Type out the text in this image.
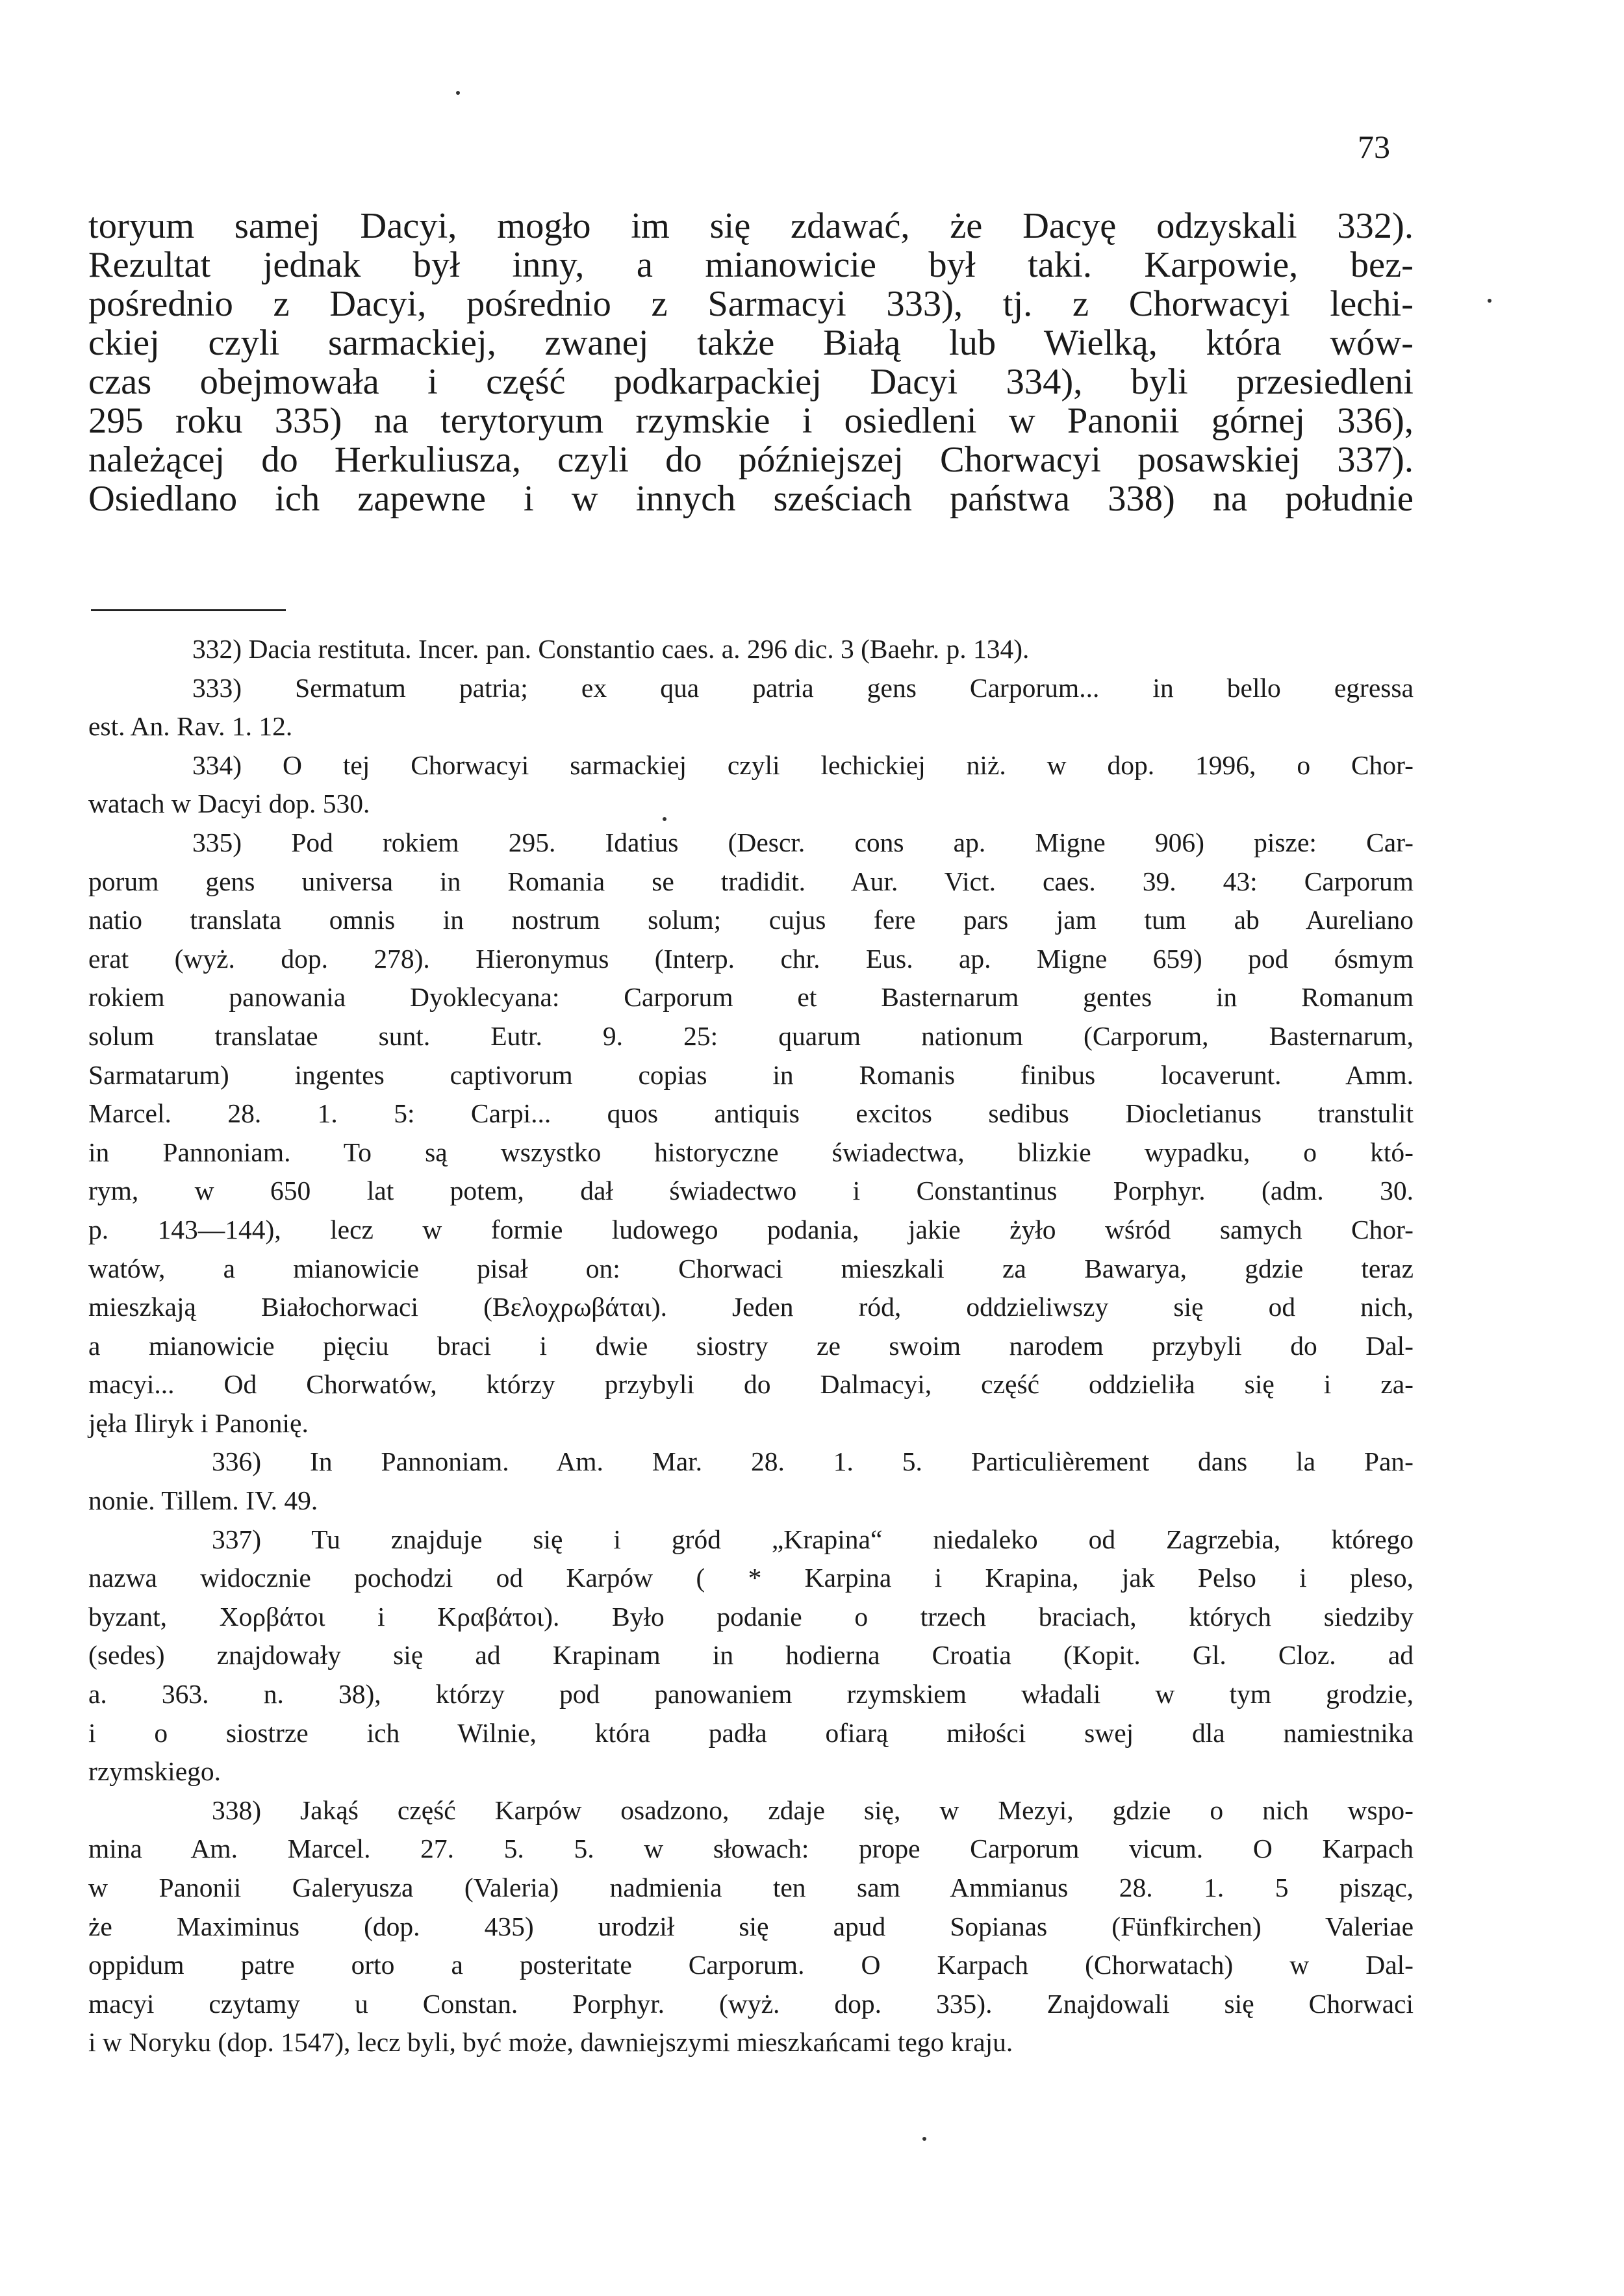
73
toryum samej Dacyi, mogło im się zdawać, że Dacyę odzyskali 332).
Rezultat jednak był inny, a mianowicie był taki. Karpowie, bez-
pośrednio z Dacyi, pośrednio z Sarmacyi 333), tj. z Chorwacyi lechi-
ckiej czyli sarmackiej, zwanej także Białą lub Wielką, która wów-
czas obejmowała i część podkarpackiej Dacyi 334), byli przesiedleni
295 roku 335) na terytoryum rzymskie i osiedleni w Panonii górnej 336),
należącej do Herkuliusza, czyli do późniejszej Chorwacyi posawskiej 337).
Osiedlano ich zapewne i w innych sześciach państwa 338) na południe
332) Dacia restituta. Incer. pan. Constantio caes. a. 296 dic. 3 (Baehr. p. 134).
333) Sermatum patria; ex qua patria gens Carporum... in bello egressa
est. An. Rav. 1. 12.
334) O tej Chorwacyi sarmackiej czyli lechickiej niż. w dop. 1996, o Chor-
watach w Dacyi dop. 530.
335) Pod rokiem 295. Idatius (Descr. cons ap. Migne 906) pisze: Car-
porum gens universa in Romania se tradidit. Aur. Vict. caes. 39. 43: Carporum
natio translata omnis in nostrum solum; cujus fere pars jam tum ab Aureliano
erat (wyż. dop. 278). Hieronymus (Interp. chr. Eus. ap. Migne 659) pod ósmym
rokiem panowania Dyoklecyana: Carporum et Basternarum gentes in Romanum
solum translatae sunt. Eutr. 9. 25: quarum nationum (Carporum, Basternarum,
Sarmatarum) ingentes captivorum copias in Romanis finibus locaverunt. Amm.
Marcel. 28. 1. 5: Carpi... quos antiquis excitos sedibus Diocletianus transtulit
in Pannoniam. To są wszystko historyczne świadectwa, blizkie wypadku, o któ-
rym, w 650 lat potem, dał świadectwo i Constantinus Porphyr. (adm. 30.
p. 143—144), lecz w formie ludowego podania, jakie żyło wśród samych Chor-
watów, a mianowicie pisał on: Chorwaci mieszkali za Bawarya, gdzie teraz
mieszkają Białochorwaci (Βελοχρωβάται). Jeden ród, oddzieliwszy się od nich,
a mianowicie pięciu braci i dwie siostry ze swoim narodem przybyli do Dal-
macyi... Od Chorwatów, którzy przybyli do Dalmacyi, część oddzieliła się i za-
jęła Iliryk i Panonię.
336) In Pannoniam. Am. Mar. 28. 1. 5. Particulièrement dans la Pan-
nonie. Tillem. IV. 49.
337) Tu znajduje się i gród „Krapina“ niedaleko od Zagrzebia, którego
nazwa widocznie pochodzi od Karpów ( * Karpina i Krapina, jak Pelso i pleso,
byzant, Χορβάτοι i Κραβάτοι). Było podanie o trzech braciach, których siedziby
(sedes) znajdowały się ad Krapinam in hodierna Croatia (Kopit. Gl. Cloz. ad
a. 363. n. 38), którzy pod panowaniem rzymskiem władali w tym grodzie,
i o siostrze ich Wilnie, która padła ofiarą miłości swej dla namiestnika
rzymskiego.
338) Jakąś część Karpów osadzono, zdaje się, w Mezyi, gdzie o nich wspo-
mina Am. Marcel. 27. 5. 5. w słowach: prope Carporum vicum. O Karpach
w Panonii Galeryusza (Valeria) nadmienia ten sam Ammianus 28. 1. 5 pisząc,
że Maximinus (dop. 435) urodził się apud Sopianas (Fünfkirchen) Valeriae
oppidum patre orto a posteritate Carporum. O Karpach (Chorwatach) w Dal-
macyi czytamy u Constan. Porphyr. (wyż. dop. 335). Znajdowali się Chorwaci
i w Noryku (dop. 1547), lecz byli, być może, dawniejszymi mieszkańcami tego kraju.
